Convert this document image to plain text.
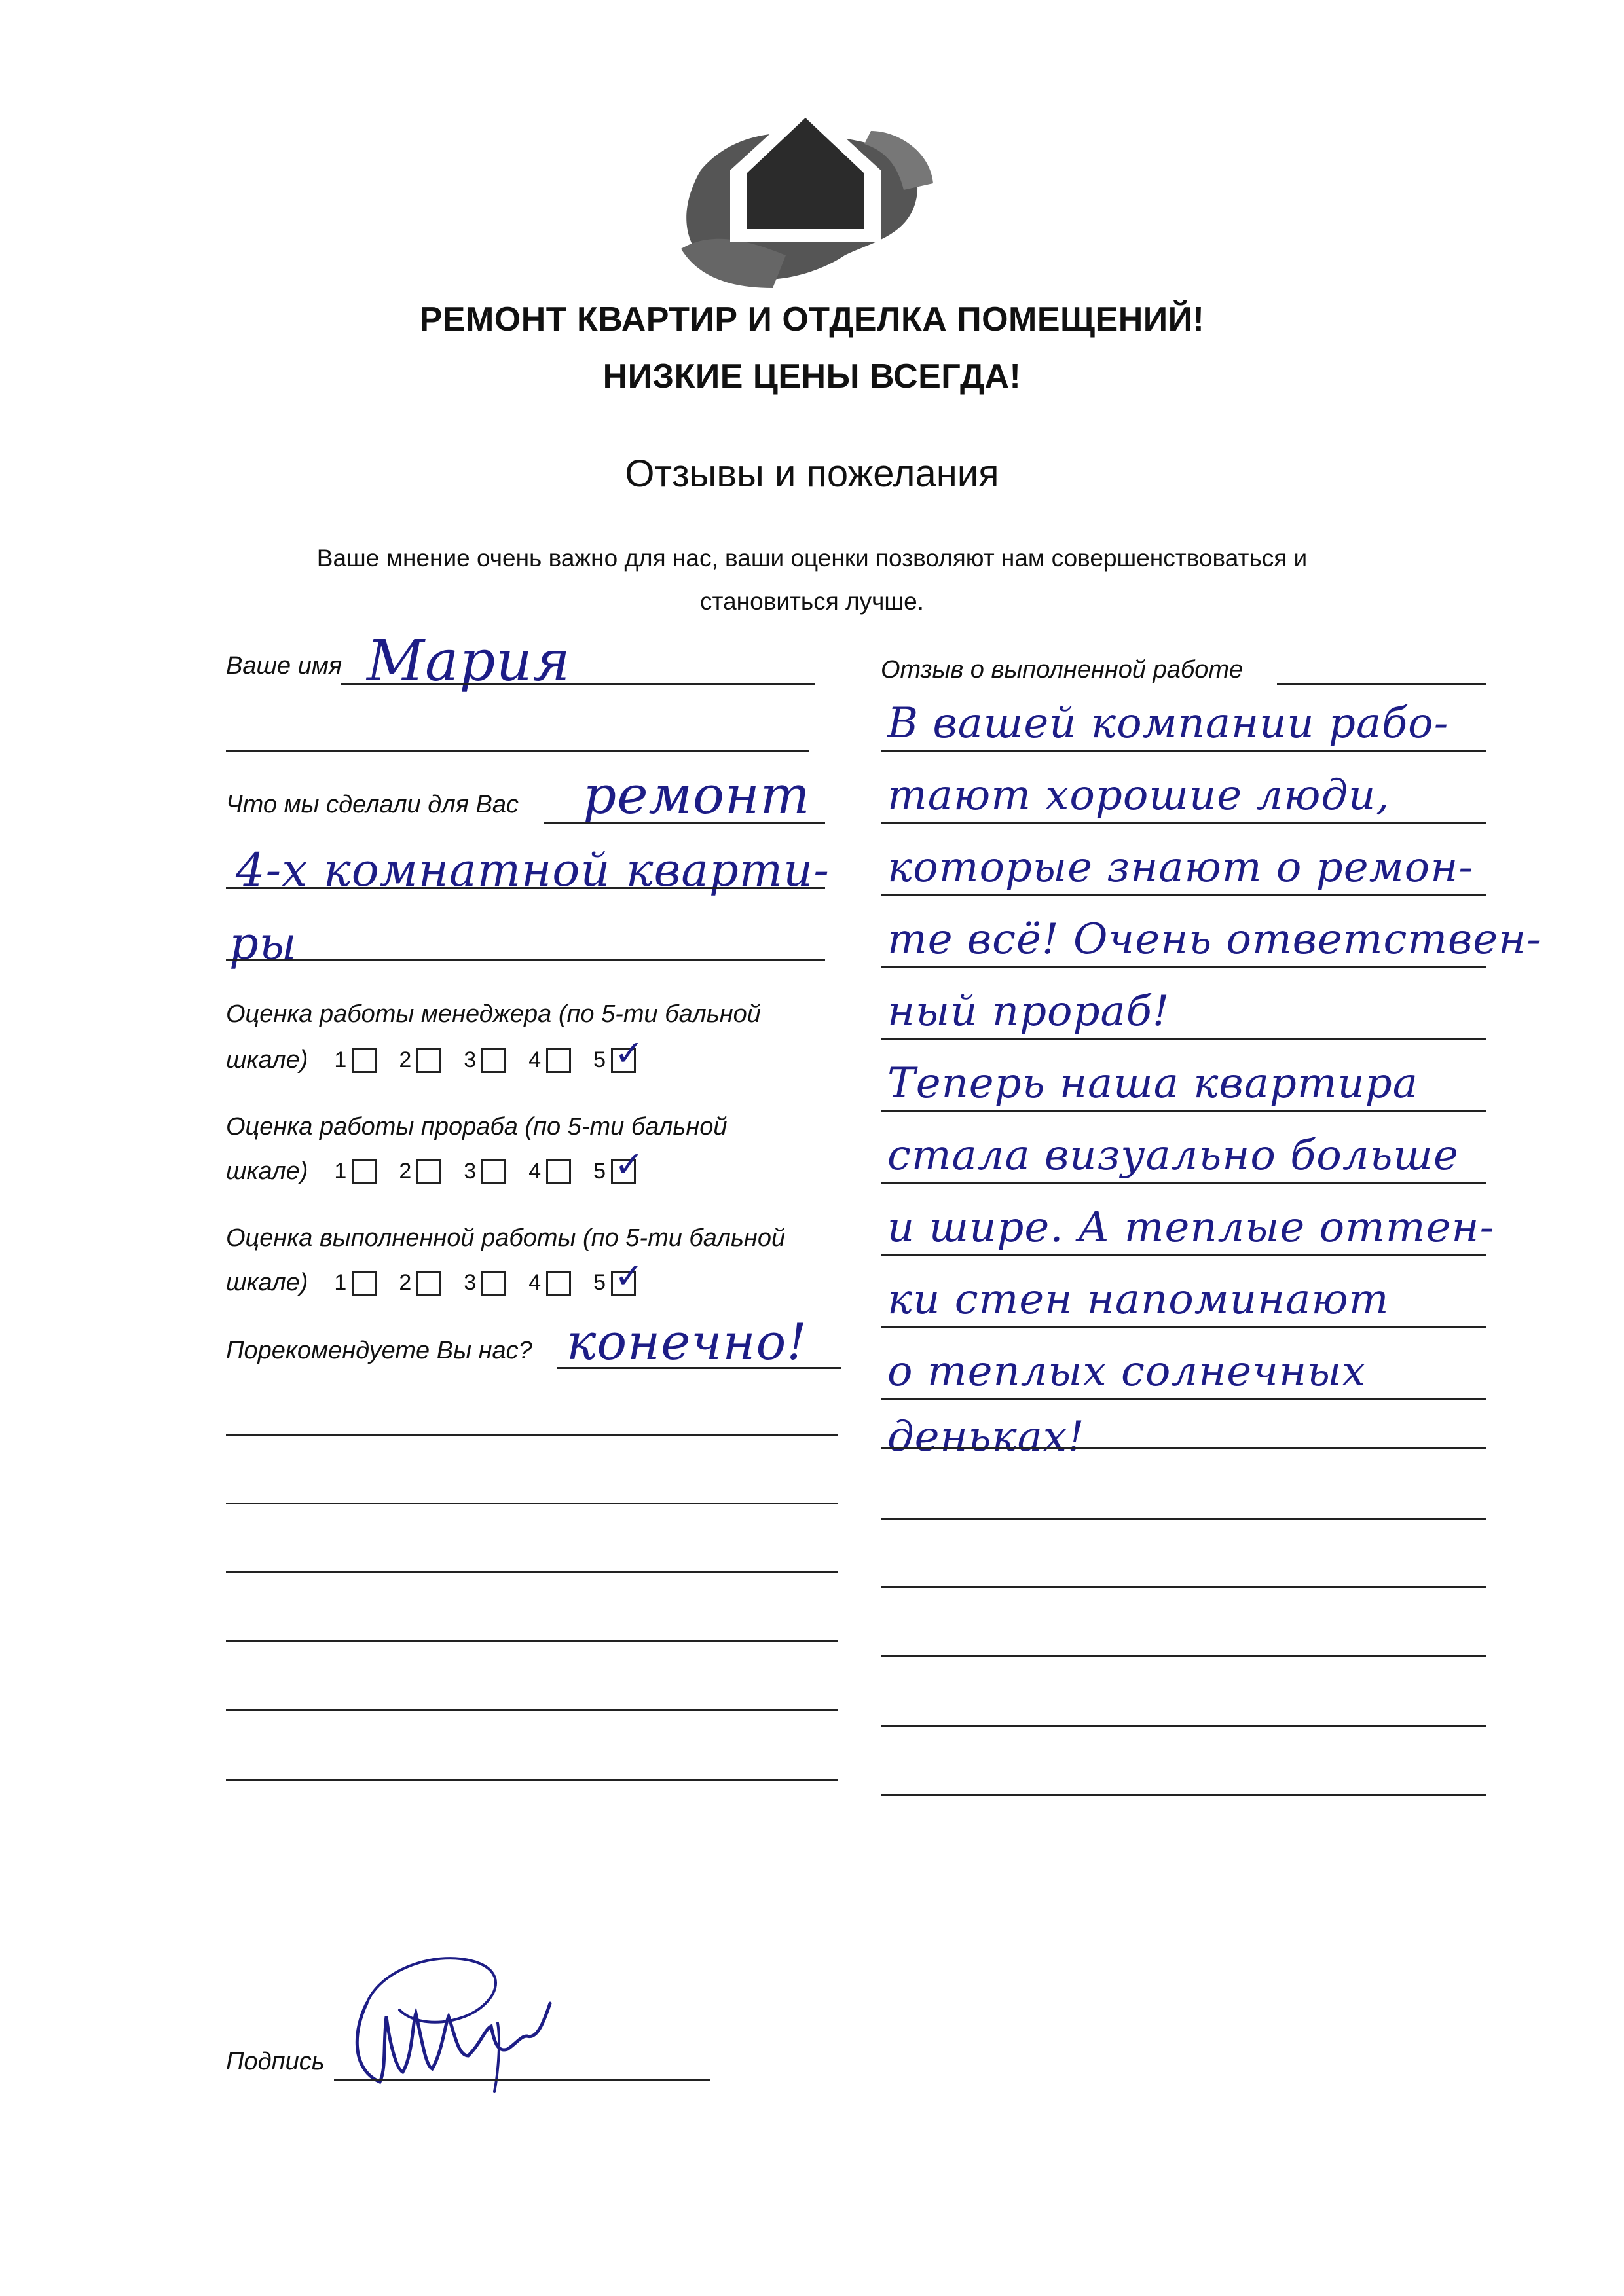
РЕМОНТ КВАРТИР И ОТДЕЛКА ПОМЕЩЕНИЙ!
НИЗКИЕ ЦЕНЫ ВСЕГДА!
Отзывы и пожелания
Ваше мнение очень важно для нас, ваши оценки позволяют нам совершенствоваться и
становиться лучше.
Ваше имя Мария
Что мы сделали для Вас ремонт
4-х комнатной кварти-
ры
Оценка работы менеджера (по 5-ти бальной
шкале) 1 2 3 4 5 ✓
Оценка работы прораба (по 5-ти бальной
шкале) 1 2 3 4 5 ✓
Оценка выполненной работы (по 5-ти бальной
шкале) 1 2 3 4 5 ✓
Порекомендуете Вы нас? конечно!
Отзыв о выполненной работе
В вашей компании рабо-
тают хорошие люди,
которые знают о ремон-
те всё! Очень ответствен-
ный прораб!
Теперь наша квартира
стала визуально больше
и шире. А теплые оттен-
ки стен напоминают
о теплых солнечных
деньках!
Подпись
